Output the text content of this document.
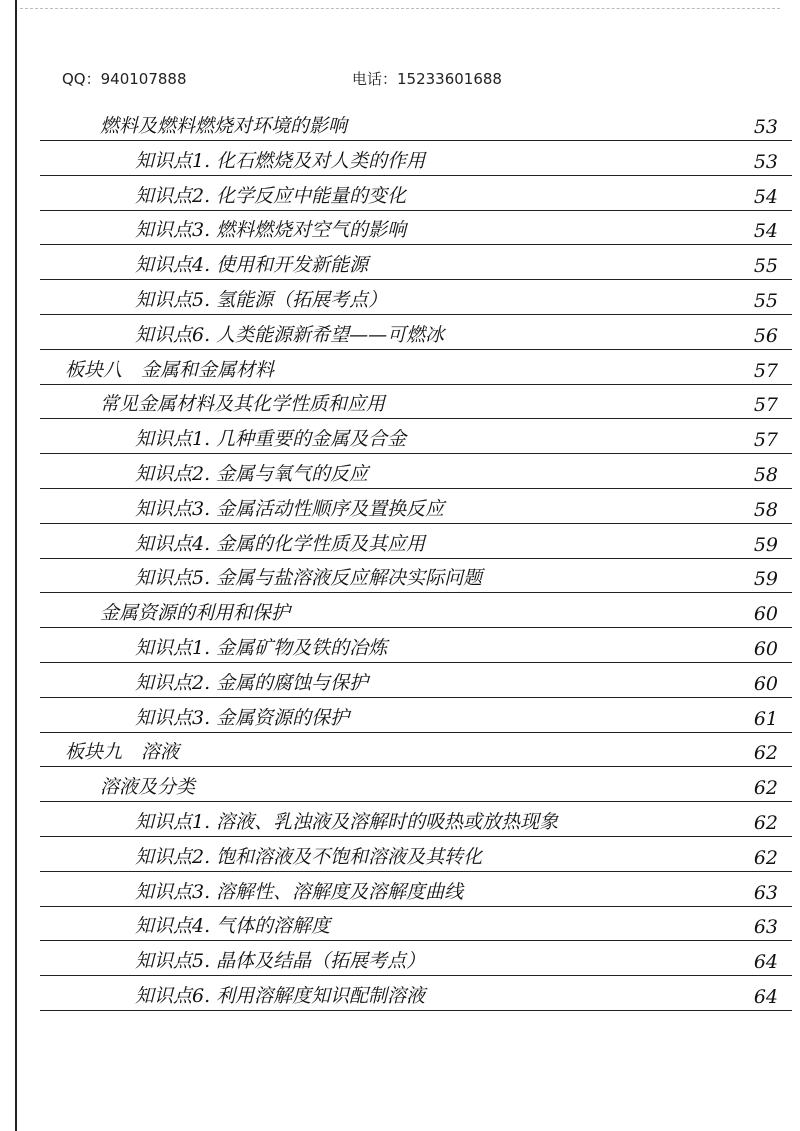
QQ：940107888	电话：15233601688
燃料及燃料燃烧对环境的影响	53
知识点1. 化石燃烧及对人类的作用	53
知识点2. 化学反应中能量的变化	54
知识点3. 燃料燃烧对空气的影响	54
知识点4. 使用和开发新能源	55
知识点5. 氢能源（拓展考点）	55
知识点6. 人类能源新希望——可燃冰	56
板块八　金属和金属材料	57
常见金属材料及其化学性质和应用	57
知识点1. 几种重要的金属及合金	57
知识点2. 金属与氧气的反应	58
知识点3. 金属活动性顺序及置换反应	58
知识点4. 金属的化学性质及其应用	59
知识点5. 金属与盐溶液反应解决实际问题	59
金属资源的利用和保护	60
知识点1. 金属矿物及铁的冶炼	60
知识点2. 金属的腐蚀与保护	60
知识点3. 金属资源的保护	61
板块九　溶液	62
溶液及分类	62
知识点1. 溶液、乳浊液及溶解时的吸热或放热现象	62
知识点2. 饱和溶液及不饱和溶液及其转化	62
知识点3. 溶解性、溶解度及溶解度曲线	63
知识点4. 气体的溶解度	63
知识点5. 晶体及结晶（拓展考点）	64
知识点6. 利用溶解度知识配制溶液	64
